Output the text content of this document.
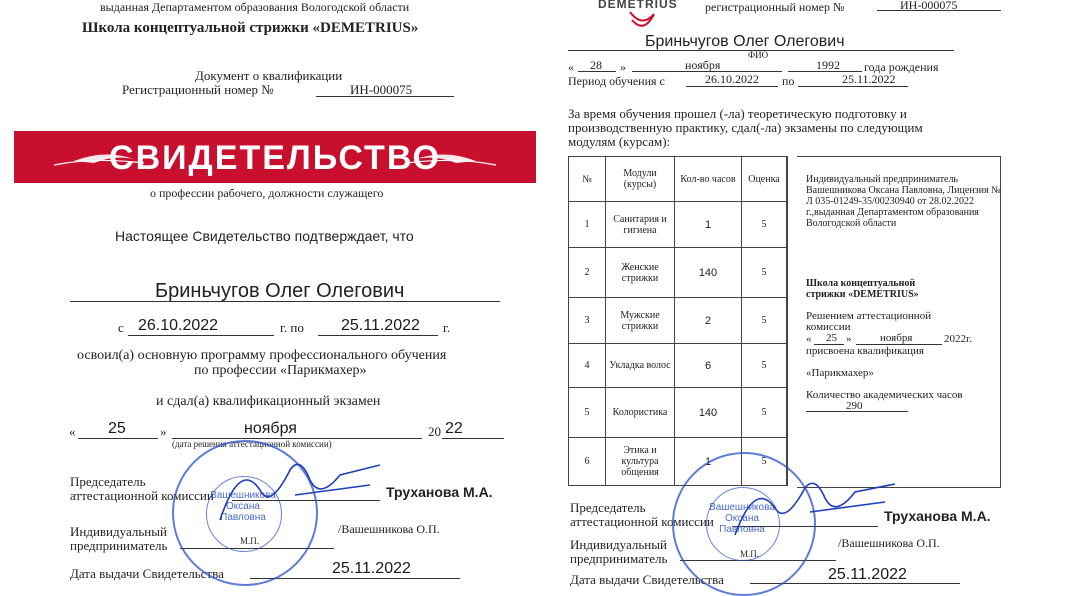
выданная Департаментом образования Вологодской области
Школа концептуальной стрижки «DEMETRIUS»
Документ о квалификации
Регистрационный номер №	ИН-000075
СВИДЕТЕЛЬСТВО
о профессии рабочего, должности служащего
Настоящее Свидетельство подтверждает, что
Бриньчугов Олег Олегович
с 26.10.2022	г. по 25.11.2022 г.
освоил(а) основную программу профессионального обучения
по профессии «Парикмахер»
и сдал(а) квалификационный экзамен
« 25	»	ноября	20 22
(дата решения аттестационной комиссии)
Председатель
аттестационной комиссии	Труханова М.А.
Индивидуальный
предприниматель	М.П.
/Вашешникова О.П.
Дата выдачи Свидетельства	25.11.2022
Вашешникова
Оксана
Павловна
DEMETRIUS регистрационный номер №	ИН-000075
Бриньчугов Олег Олегович
ФИО
« 28 »	ноября	1992 года рождения
Период обучения с	26.10.2022 по	25.11.2022
За время обучения прошел (-ла) теоретическую подготовку и
производственную практику, сдал(-ла) экзамены по следующим
модулям (курсам):
№	Модули (курсы)	Кол-во часов	Оценка	
1	Санитария и гигиена	1	5	
2	Женские стрижки	140	5	
3	Мужские стрижки	2	5	
4	Укладка волос	6	5	
5	Колористика	140	5	
6	Этика и культура общения	1	5	
Индивидуальный предприниматель Вашешникова Оксана Павловна, Лицензия № Л 035-01249-35/00230940 от 28.02.2022 г.,выданная Департаментом образования Вологодской области
Школа концептуальной стрижки «DEMETRIUS»
Решением аттестационной
комиссии
« 25 »	ноября	2022г.
присвоена квалификация
«Парикмахер»
Количество академических часов
290
Председатель
аттестационной комиссии	Труханова М.А.
Индивидуальный
предприниматель	М.П.
/Вашешникова О.П.
Дата выдачи Свидетельства	25.11.2022
Вашешникова
Оксана
Павловна
